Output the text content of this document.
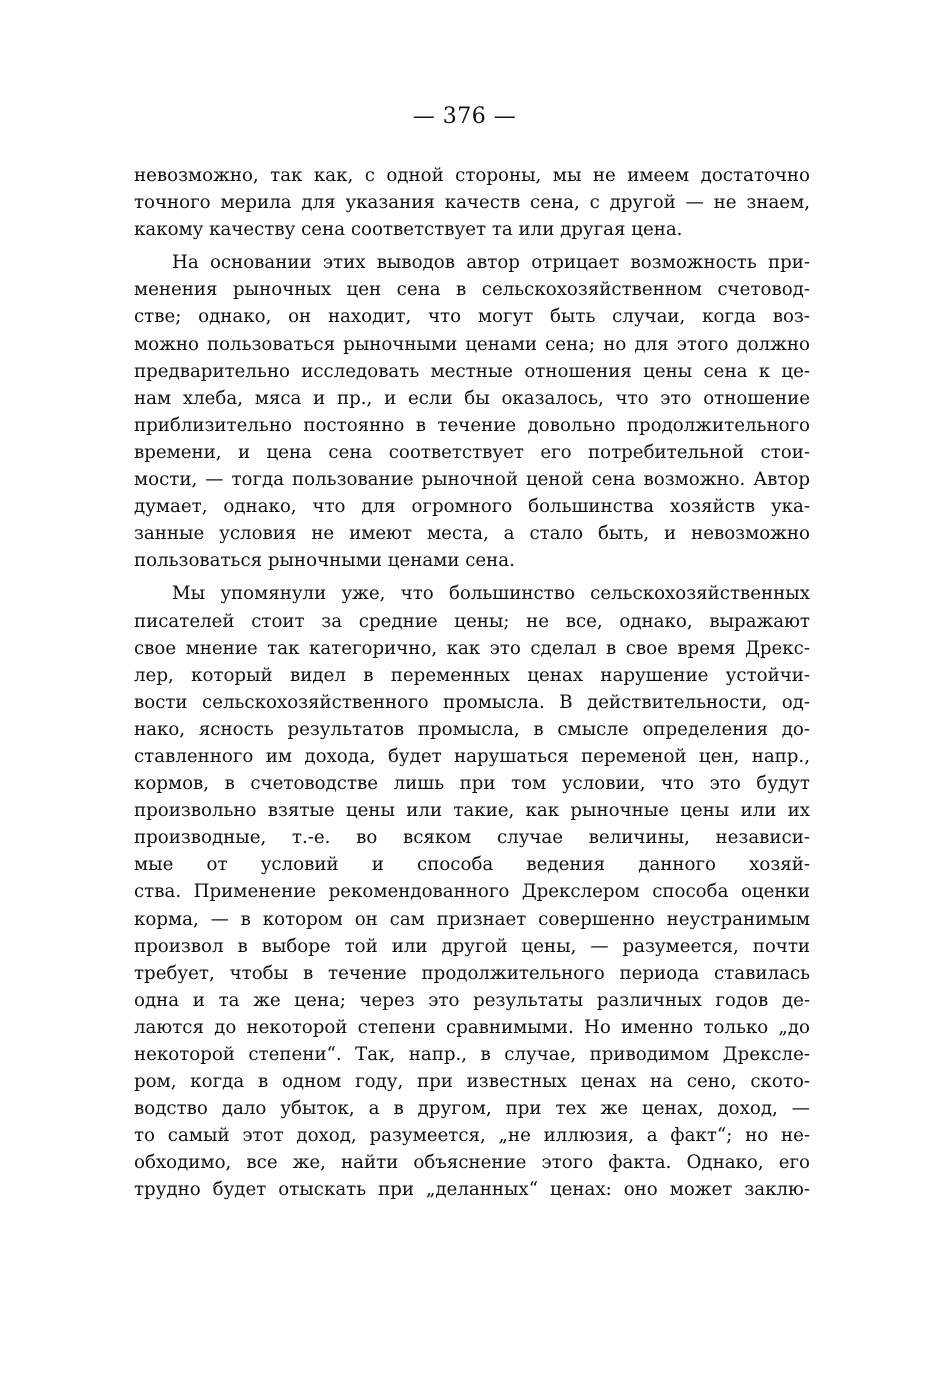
— 376 —
невозможно, так как, с одной стороны, мы не имеем достаточно
точного мерила для указания качеств сена, с другой — не знаем,
какому качеству сена соответствует та или другая цена.
На основании этих выводов автор отрицает возможность при-
менения рыночных цен сена в сельскохозяйственном счетовод-
стве; однако, он находит, что могут быть случаи, когда воз-
можно пользоваться рыночными ценами сена; но для этого должно
предварительно исследовать местные отношения цены сена к це-
нам хлеба, мяса и пр., и если бы оказалось, что это отношение
приблизительно постоянно в течение довольно продолжительного
времени, и цена сена соответствует его потребительной стои-
мости, — тогда пользование рыночной ценой сена возможно. Автор
думает, однако, что для огромного большинства хозяйств ука-
занные условия не имеют места, а стало быть, и невозможно
пользоваться рыночными ценами сена.
Мы упомянули уже, что большинство сельскохозяйственных
писателей стоит за средние цены; не все, однако, выражают
свое мнение так категорично, как это сделал в свое время Дрекс-
лер, который видел в переменных ценах нарушение устойчи-
вости сельскохозяйственного промысла. В действительности, од-
нако, ясность результатов промысла, в смысле определения до-
ставленного им дохода, будет нарушаться переменой цен, напр.,
кормов, в счетоводстве лишь при том условии, что это будут
произвольно взятые цены или такие, как рыночные цены или их
производные, т.-е. во всяком случае величины, независи-
мые от условий и способа ведения данного хозяй-
ства. Применение рекомендованного Дрекслером способа оценки
корма, — в котором он сам признает совершенно неустранимым
произвол в выборе той или другой цены, — разумеется, почти
требует, чтобы в течение продолжительного периода ставилась
одна и та же цена; через это результаты различных годов де-
лаются до некоторой степени сравнимыми. Но именно только „до
некоторой степени“. Так, напр., в случае, приводимом Дрекcле-
ром, когда в одном году, при известных ценах на сено, ското-
водство дало убыток, а в другом, при тех же ценах, доход, —
то самый этот доход, разумеется, „не иллюзия, а факт“; но не-
обходимо, все же, найти объяснение этого факта. Однако, его
трудно будет отыскать при „деланных“ ценах: оно может заклю-
